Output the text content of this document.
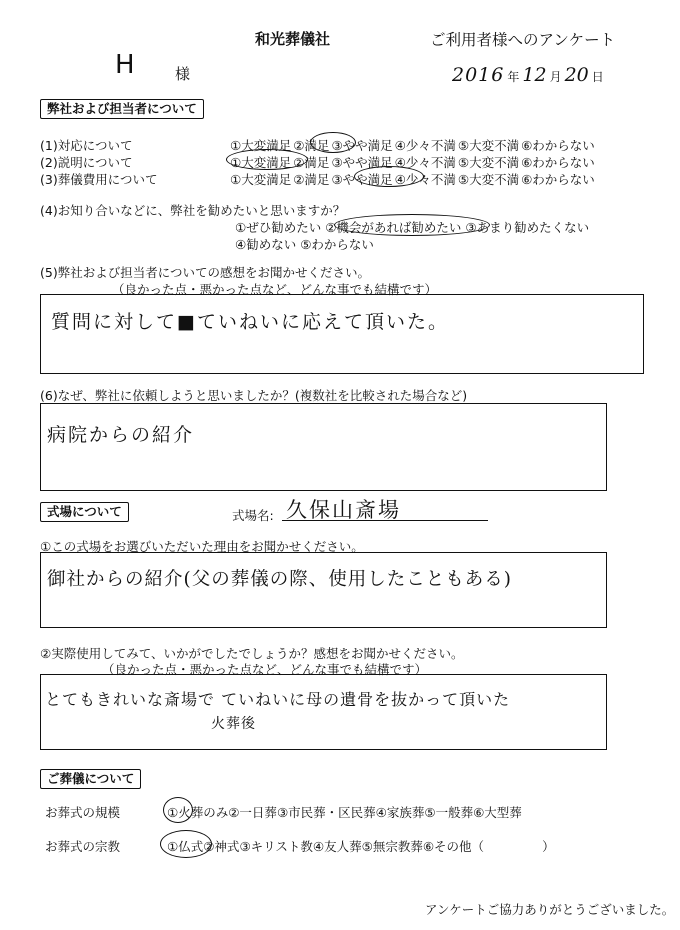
和光葬儀社	ご利用者様へのアンケート
H	様	2016 年 12 月 20 日
弊社および担当者について
(1)対応について	①大変満足 ②満足 ③やや満足 ④少々不満 ⑤大変不満 ⑥わからない
(2)説明について	①大変満足 ②満足 ③やや満足 ④少々不満 ⑤大変不満 ⑥わからない
(3)葬儀費用について	①大変満足 ②満足 ③やや満足 ④少々不満 ⑤大変不満 ⑥わからない
(4)お知り合いなどに、弊社を勧めたいと思いますか？
①ぜひ勧めたい ②機会があれば勧めたい ③あまり勧めたくない
④勧めない ⑤わからない
(5)弊社および担当者についての感想をお聞かせください。
（良かった点・悪かった点など、どんな事でも結構です）
質問に対して■ていねいに応えて頂いた。
(6)なぜ、弊社に依頼しようと思いましたか？(複数社を比較された場合など)
病院からの紹介
式場について	式場名: 久保山斎場
①この式場をお選びいただいた理由をお聞かせください。
御社からの紹介(父の葬儀の際、使用したこともある)
②実際使用してみて、いかがでしたでしょうか？感想をお聞かせください。
（良かった点・悪かった点など、どんな事でも結構です）
とてもきれいな斎場で ていねいに母の遺骨を抜かって頂いた
火葬後
ご葬儀について
お葬式の規模	①火葬のみ②一日葬③市民葬・区民葬④家族葬⑤一般葬⑥大型葬
お葬式の宗教	①仏式②神式③キリスト教④友人葬⑤無宗教葬⑥その他（	）
アンケートご協力ありがとうございました。
